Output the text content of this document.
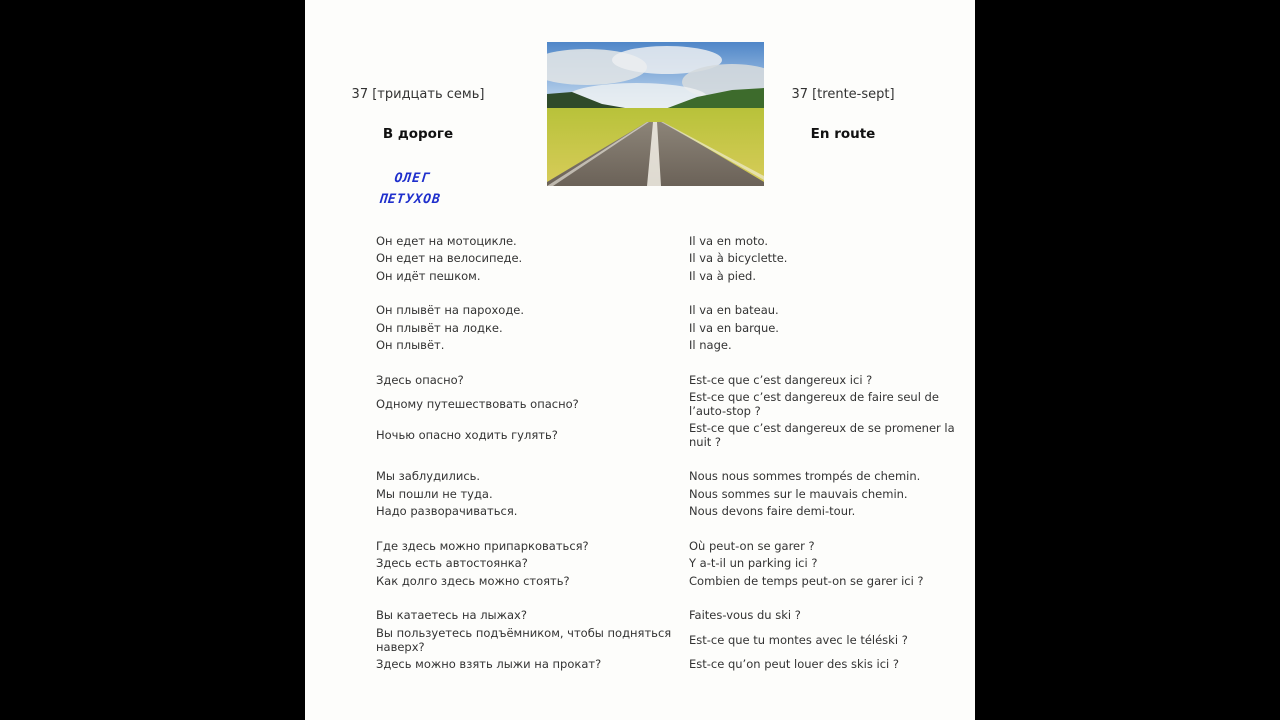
37 [тридцать семь]	37 [trente-sept]
В дороге	En route
ОЛЕГ
ПЕТУХОВ
Он едет на мотоцикле.	Il va en moto.
Он едет на велосипеде.	Il va à bicyclette.
Он идёт пешком.	Il va à pied.
Он плывёт на пароходе.	Il va en bateau.
Он плывёт на лодке.	Il va en barque.
Он плывёт.	Il nage.
Здесь опасно?	Est-ce que c’est dangereux ici ?
Одному путешествовать опасно?	Est-ce que c’est dangereux de faire seul de l’auto-stop ?
Ночью опасно ходить гулять?	Est-ce que c’est dangereux de se promener la nuit ?
Мы заблудились.	Nous nous sommes trompés de chemin.
Мы пошли не туда.	Nous sommes sur le mauvais chemin.
Надо разворачиваться.	Nous devons faire demi-tour.
Где здесь можно припарковаться?	Où peut-on se garer ?
Здесь есть автостоянка?	Y a-t-il un parking ici ?
Как долго здесь можно стоять?	Combien de temps peut-on se garer ici ?
Вы катаетесь на лыжах?	Faites-vous du ski ?
Вы пользуетесь подъёмником, чтобы подняться наверх?	Est-ce que tu montes avec le téléski ?
Здесь можно взять лыжи на прокат?	Est-ce qu’on peut louer des skis ici ?
